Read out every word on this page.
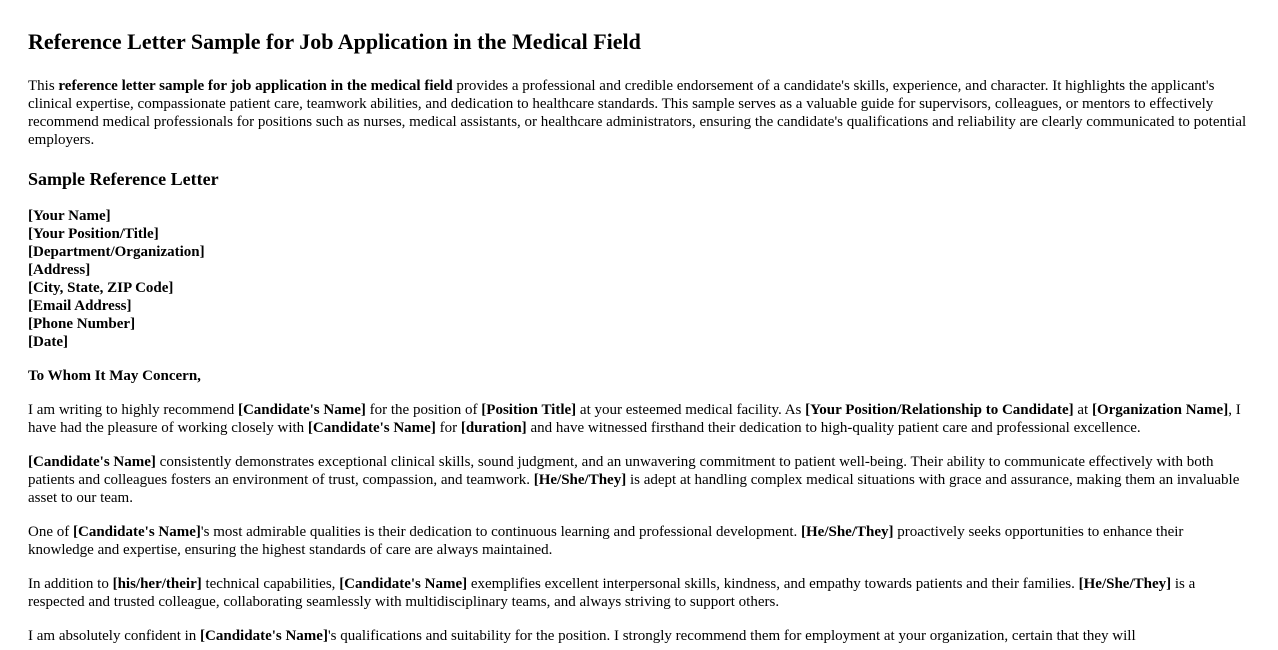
Reference Letter Sample for Job Application in the Medical Field

This reference letter sample for job application in the medical field provides a professional and credible endorsement of a candidate's skills, experience, and character. It highlights the applicant's clinical expertise, compassionate patient care, teamwork abilities, and dedication to healthcare standards. This sample serves as a valuable guide for supervisors, colleagues, or mentors to effectively recommend medical professionals for positions such as nurses, medical assistants, or healthcare administrators, ensuring the candidate's qualifications and reliability are clearly communicated to potential employers.

Sample Reference Letter
[Your Name]
[Your Position/Title]
[Department/Organization]
[Address]
[City, State, ZIP Code]
[Email Address]
[Phone Number]
[Date]

To Whom It May Concern,

I am writing to highly recommend [Candidate's Name] for the position of [Position Title] at your esteemed medical facility. As [Your Position/Relationship to Candidate] at [Organization Name], I have had the pleasure of working closely with [Candidate's Name] for [duration] and have witnessed firsthand their dedication to high-quality patient care and professional excellence.

[Candidate's Name] consistently demonstrates exceptional clinical skills, sound judgment, and an unwavering commitment to patient well-being. Their ability to communicate effectively with both patients and colleagues fosters an environment of trust, compassion, and teamwork. [He/She/They] is adept at handling complex medical situations with grace and assurance, making them an invaluable asset to our team.

One of [Candidate's Name]'s most admirable qualities is their dedication to continuous learning and professional development. [He/She/They] proactively seeks opportunities to enhance their knowledge and expertise, ensuring the highest standards of care are always maintained.

In addition to [his/her/their] technical capabilities, [Candidate's Name] exemplifies excellent interpersonal skills, kindness, and empathy towards patients and their families. [He/She/They] is a respected and trusted colleague, collaborating seamlessly with multidisciplinary teams, and always striving to support others.

I am absolutely confident in [Candidate's Name]'s qualifications and suitability for the position. I strongly recommend them for employment at your organization, certain that they will
